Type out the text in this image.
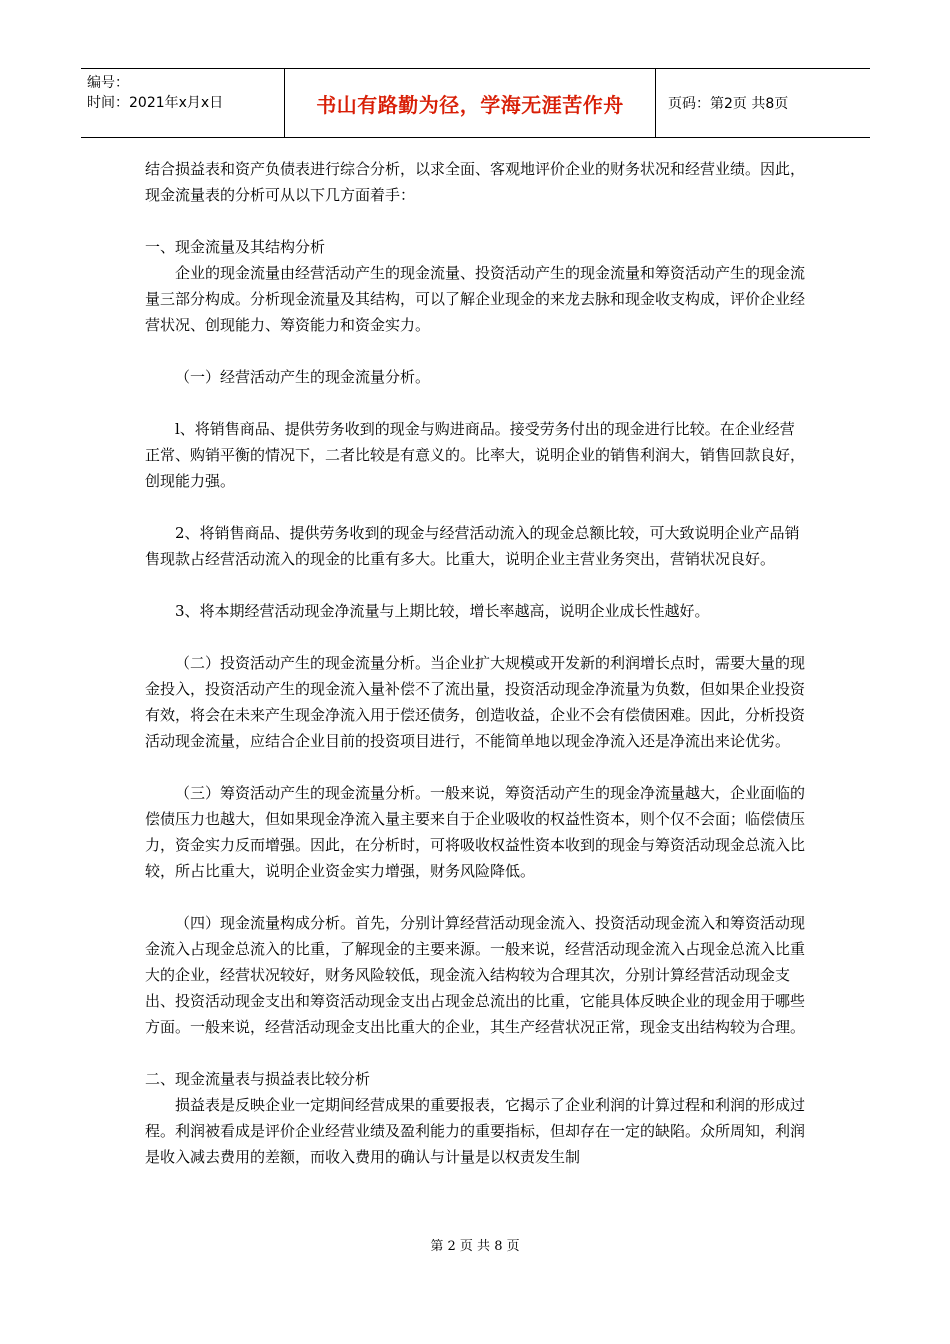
编号：
时间：2021年x月x日	书山有路勤为径，学海无涯苦作舟	页码：第2页 共8页

结合损益表和资产负债表进行综合分析，以求全面、客观地评价企业的财务状况和经营业绩。因此，现金流量表的分析可从以下几方面着手：

一、现金流量及其结构分析

企业的现金流量由经营活动产生的现金流量、投资活动产生的现金流量和筹资活动产生的现金流量三部分构成。分析现金流量及其结构，可以了解企业现金的来龙去脉和现金收支构成，评价企业经营状况、创现能力、筹资能力和资金实力。

（一）经营活动产生的现金流量分析。

l、将销售商品、提供劳务收到的现金与购进商品。接受劳务付出的现金进行比较。在企业经营正常、购销平衡的情况下，二者比较是有意义的。比率大，说明企业的销售利润大，销售回款良好，创现能力强。

2、将销售商品、提供劳务收到的现金与经营活动流入的现金总额比较，可大致说明企业产品销售现款占经营活动流入的现金的比重有多大。比重大，说明企业主营业务突出，营销状况良好。

3、将本期经营活动现金净流量与上期比较，增长率越高，说明企业成长性越好。

（二）投资活动产生的现金流量分析。当企业扩大规模或开发新的利润增长点时，需要大量的现金投入，投资活动产生的现金流入量补偿不了流出量，投资活动现金净流量为负数，但如果企业投资有效，将会在未来产生现金净流入用于偿还债务，创造收益，企业不会有偿债困难。因此，分析投资活动现金流量，应结合企业目前的投资项目进行，不能简单地以现金净流入还是净流出来论优劣。

（三）筹资活动产生的现金流量分析。一般来说，筹资活动产生的现金净流量越大，企业面临的偿债压力也越大，但如果现金净流入量主要来自于企业吸收的权益性资本，则个仅不会面；临偿债压力，资金实力反而增强。因此，在分析时，可将吸收权益性资本收到的现金与筹资活动现金总流入比较，所占比重大，说明企业资金实力增强，财务风险降低。

（四）现金流量构成分析。首先，分别计算经营活动现金流入、投资活动现金流入和筹资活动现金流入占现金总流入的比重，了解现金的主要来源。一般来说，经营活动现金流入占现金总流入比重大的企业，经营状况较好，财务风险较低，现金流入结构较为合理其次，分别计算经营活动现金支出、投资活动现金支出和筹资活动现金支出占现金总流出的比重，它能具体反映企业的现金用于哪些方面。一般来说，经营活动现金支出比重大的企业，其生产经营状况正常，现金支出结构较为合理。

二、现金流量表与损益表比较分析

损益表是反映企业一定期间经营成果的重要报表，它揭示了企业利润的计算过程和利润的形成过程。利润被看成是评价企业经营业绩及盈利能力的重要指标，但却存在一定的缺陷。众所周知，利润是收入减去费用的差额，而收入费用的确认与计量是以权责发生制

第 2 页 共 8 页
